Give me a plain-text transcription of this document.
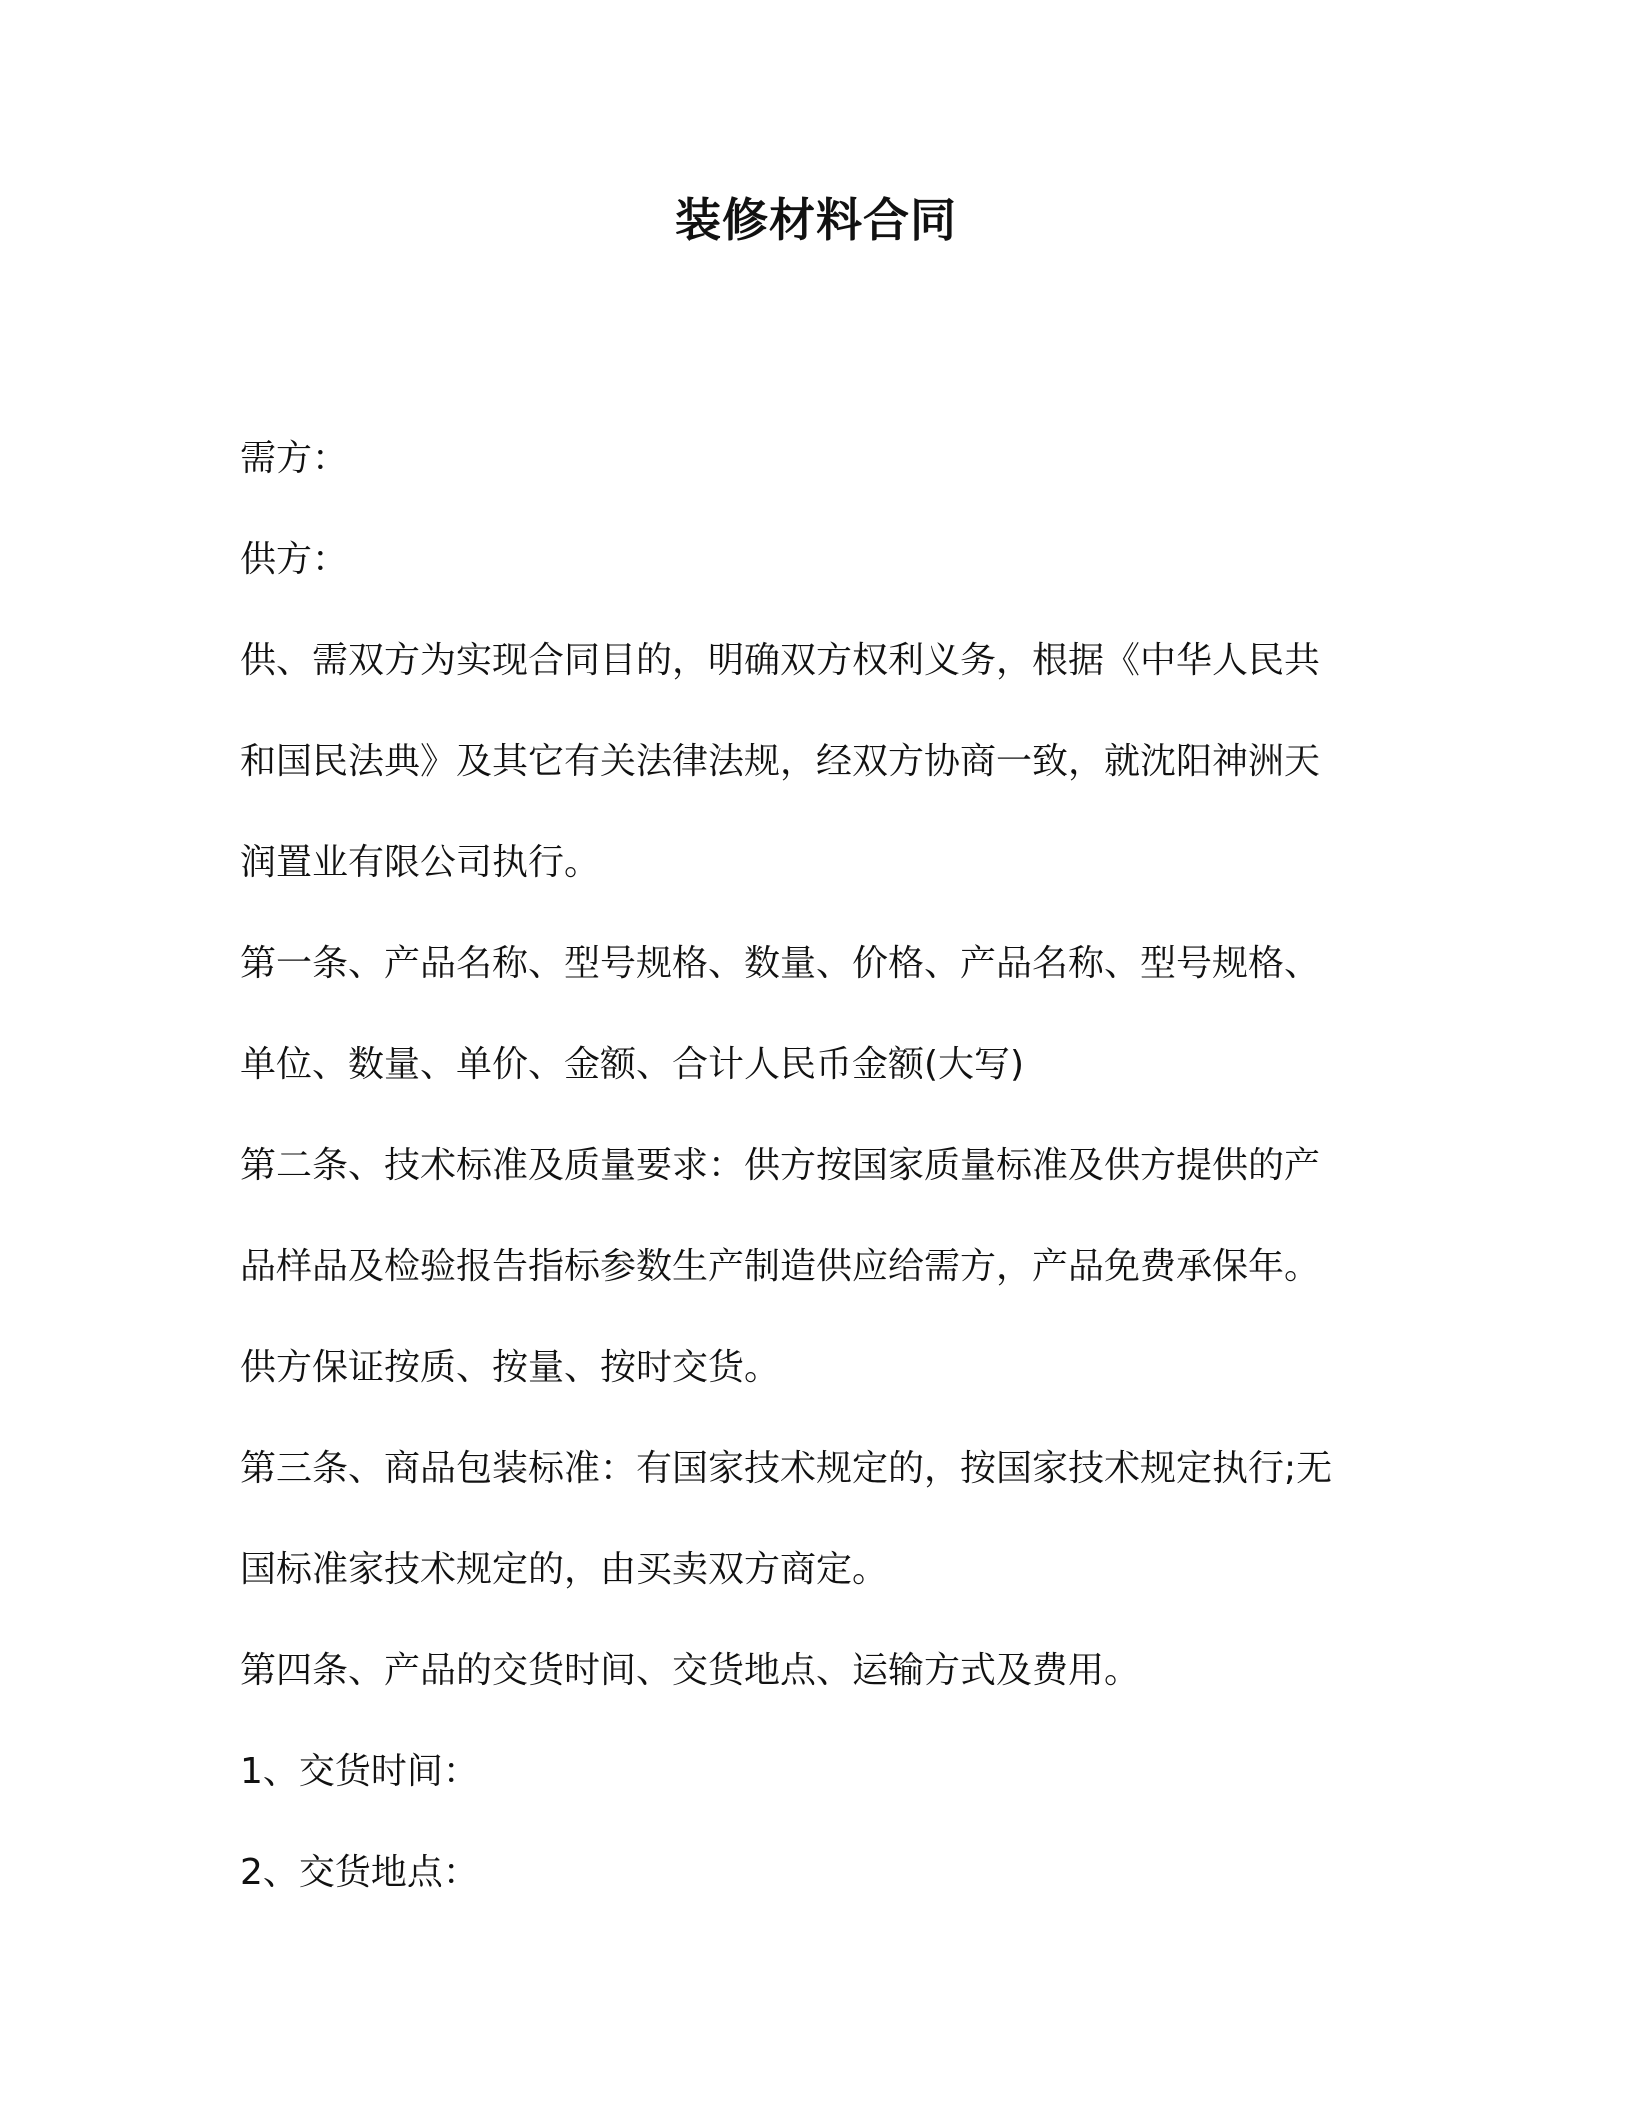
装修材料合同

需方：

供方：

供、需双方为实现合同目的，明确双方权利义务，根据《中华人民共

和国民法典》及其它有关法律法规，经双方协商一致，就沈阳神洲天

润置业有限公司执行。

第一条、产品名称、型号规格、数量、价格、产品名称、型号规格、

单位、数量、单价、金额、合计人民币金额(大写)

第二条、技术标准及质量要求：供方按国家质量标准及供方提供的产

品样品及检验报告指标参数生产制造供应给需方，产品免费承保年。

供方保证按质、按量、按时交货。

第三条、商品包装标准：有国家技术规定的，按国家技术规定执行;无

国标准家技术规定的，由买卖双方商定。

第四条、产品的交货时间、交货地点、运输方式及费用。

1、交货时间：

2、交货地点：
